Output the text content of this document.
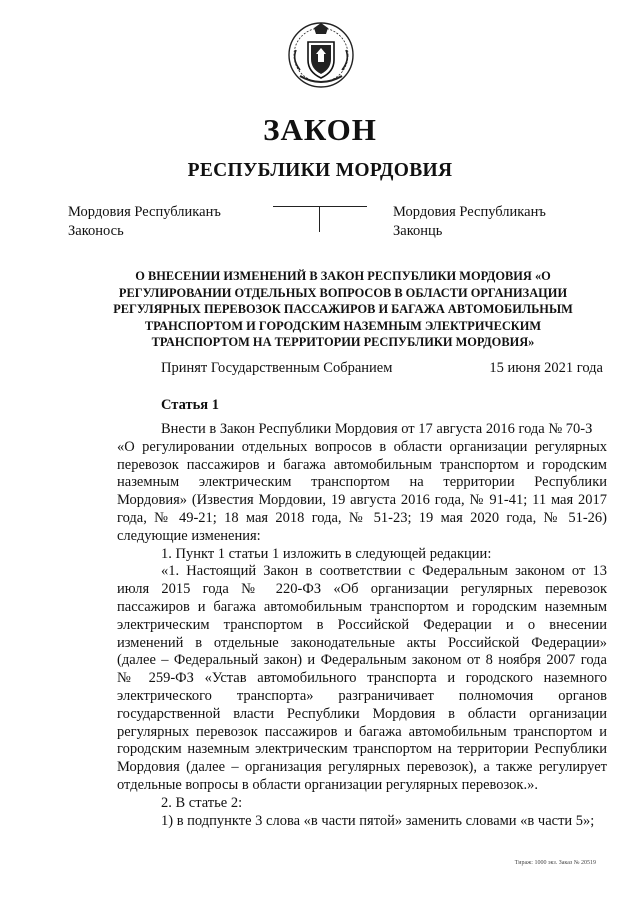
ЗАКОН
РЕСПУБЛИКИ МОРДОВИЯ
Мордовия Республиканъ
Законось
Мордовия Республиканъ
Законць
О ВНЕСЕНИИ ИЗМЕНЕНИЙ В ЗАКОН РЕСПУБЛИКИ МОРДОВИЯ «О
РЕГУЛИРОВАНИИ ОТДЕЛЬНЫХ ВОПРОСОВ В ОБЛАСТИ ОРГАНИЗАЦИИ
РЕГУЛЯРНЫХ ПЕРЕВОЗОК ПАССАЖИРОВ И БАГАЖА АВТОМОБИЛЬНЫМ
ТРАНСПОРТОМ И ГОРОДСКИМ НАЗЕМНЫМ ЭЛЕКТРИЧЕСКИМ
ТРАНСПОРТОМ НА ТЕРРИТОРИИ РЕСПУБЛИКИ МОРДОВИЯ»
Принят Государственным Собранием	15 июня 2021 года
Статья 1
Внести в Закон Республики Мордовия от 17 августа 2016 года № 70-З
«О регулировании отдельных вопросов в области организации регулярных
перевозок пассажиров и багажа автомобильным транспортом и городским
наземным электрическим транспортом на территории Республики
Мордовия» (Известия Мордовии, 19 августа 2016 года, № 91-41; 11 мая 2017
года, № 49-21; 18 мая 2018 года, № 51-23; 19 мая 2020 года, № 51-26)
следующие изменения:
1. Пункт 1 статьи 1 изложить в следующей редакции:
«1. Настоящий Закон в соответствии с Федеральным законом от 13
июля 2015 года № 220-ФЗ «Об организации регулярных перевозок
пассажиров и багажа автомобильным транспортом и городским наземным
электрическим транспортом в Российской Федерации и о внесении
изменений в отдельные законодательные акты Российской Федерации»
(далее – Федеральный закон) и Федеральным законом от 8 ноября 2007 года
№ 259-ФЗ «Устав автомобильного транспорта и городского наземного
электрического транспорта» разграничивает полномочия органов
государственной власти Республики Мордовия в области организации
регулярных перевозок пассажиров и багажа автомобильным транспортом и
городским наземным электрическим транспортом на территории Республики
Мордовия (далее – организация регулярных перевозок), а также регулирует
отдельные вопросы в области организации регулярных перевозок.».
2. В статье 2:
1) в подпункте 3 слова «в части пятой» заменить словами «в части 5»;
Тираж: 1000 экз. Заказ № 20519
